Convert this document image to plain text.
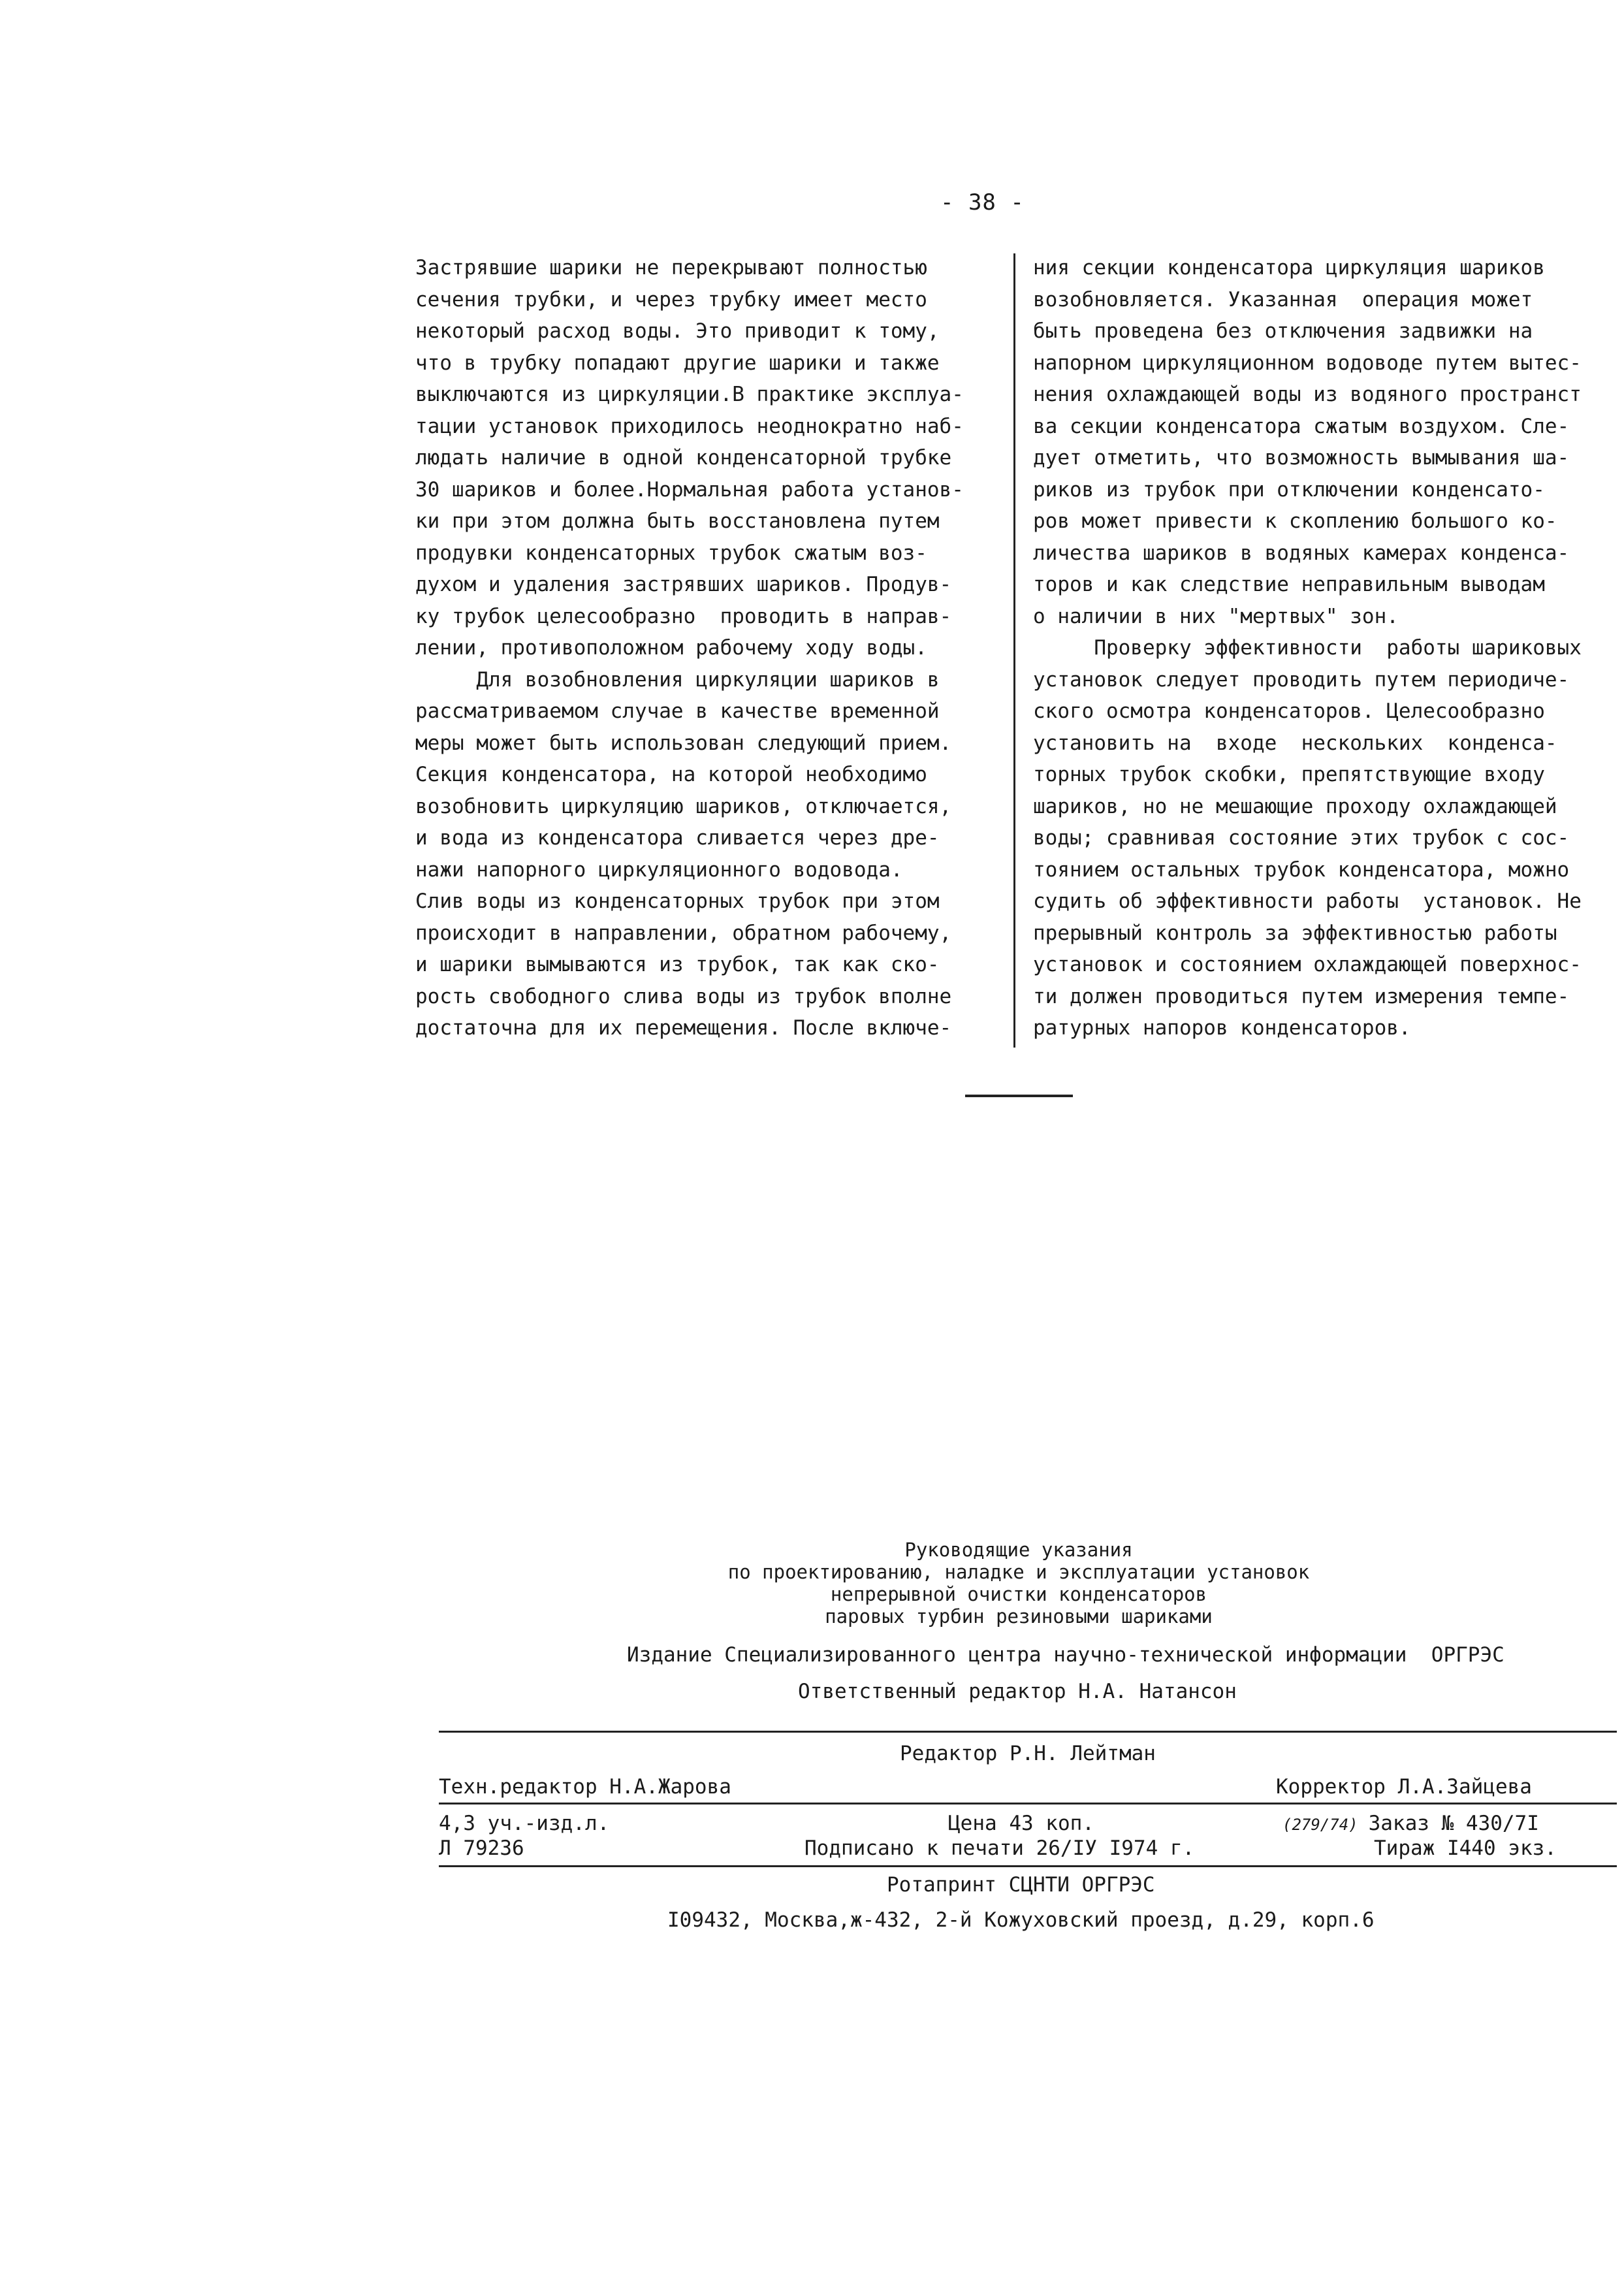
- 38 -
Застрявшие шарики не перекрывают полностью
сечения трубки, и через трубку имеет место
некоторый расход воды. Это приводит к тому,
что в трубку попадают другие шарики и также
выключаются из циркуляции.В практике эксплуа-
тации установок приходилось неоднократно наб-
людать наличие в одной конденсаторной трубке
30 шариков и более.Нормальная работа установ-
ки при этом должна быть восстановлена путем
продувки конденсаторных трубок сжатым воз-
духом и удаления застрявших шариков. Продув-
ку трубок целесообразно  проводить в направ-
лении, противоположном рабочему ходу воды.
Для возобновления циркуляции шариков в
рассматриваемом случае в качестве временной
меры может быть использован следующий прием.
Секция конденсатора, на которой необходимо
возобновить циркуляцию шариков, отключается,
и вода из конденсатора сливается через дре-
нажи напорного циркуляционного водовода.
Слив воды из конденсаторных трубок при этом
происходит в направлении, обратном рабочему,
и шарики вымываются из трубок, так как ско-
рость свободного слива воды из трубок вполне
достаточна для их перемещения. После включе-
ния секции конденсатора циркуляция шариков
возобновляется. Указанная  операция может
быть проведена без отключения задвижки на
напорном циркуляционном водоводе путем вытес-
нения охлаждающей воды из водяного пространст
ва секции конденсатора сжатым воздухом. Сле-
дует отметить, что возможность вымывания ша-
риков из трубок при отключении конденсато-
ров может привести к скоплению большого ко-
личества шариков в водяных камерах конденса-
торов и как следствие неправильным выводам
о наличии в них "мертвых" зон.
Проверку эффективности  работы шариковых
установок следует проводить путем периодиче-
ского осмотра конденсаторов. Целесообразно
установить на  входе  нескольких  конденса-
торных трубок скобки, препятствующие входу
шариков, но не мешающие проходу охлаждающей
воды; сравнивая состояние этих трубок с сос-
тоянием остальных трубок конденсатора, можно
судить об эффективности работы  установок. Не
прерывный контроль за эффективностью работы
установок и состоянием охлаждающей поверхнос-
ти должен проводиться путем измерения темпе-
ратурных напоров конденсаторов.
Руководящие указания
по проектированию, наладке и эксплуатации установок
непрерывной очистки конденсаторов
паровых турбин резиновыми шариками
Издание Специализированного центра научно-технической информации  ОРГРЭС
Ответственный редактор Н.А. Натансон
Редактор Р.Н. Лейтман
Техн.редактор Н.А.Жарова	Корректор Л.А.Зайцева
4,3 уч.-изд.л.	Цена 43 коп.	(279/74) Заказ № 430/7I
Л 79236	Подписано к печати 26/IУ I974 г.	Тираж I440 экз.
Ротапринт СЦНТИ ОРГРЭС
I09432, Москва,ж-432, 2-й Кожуховский проезд, д.29, корп.6
